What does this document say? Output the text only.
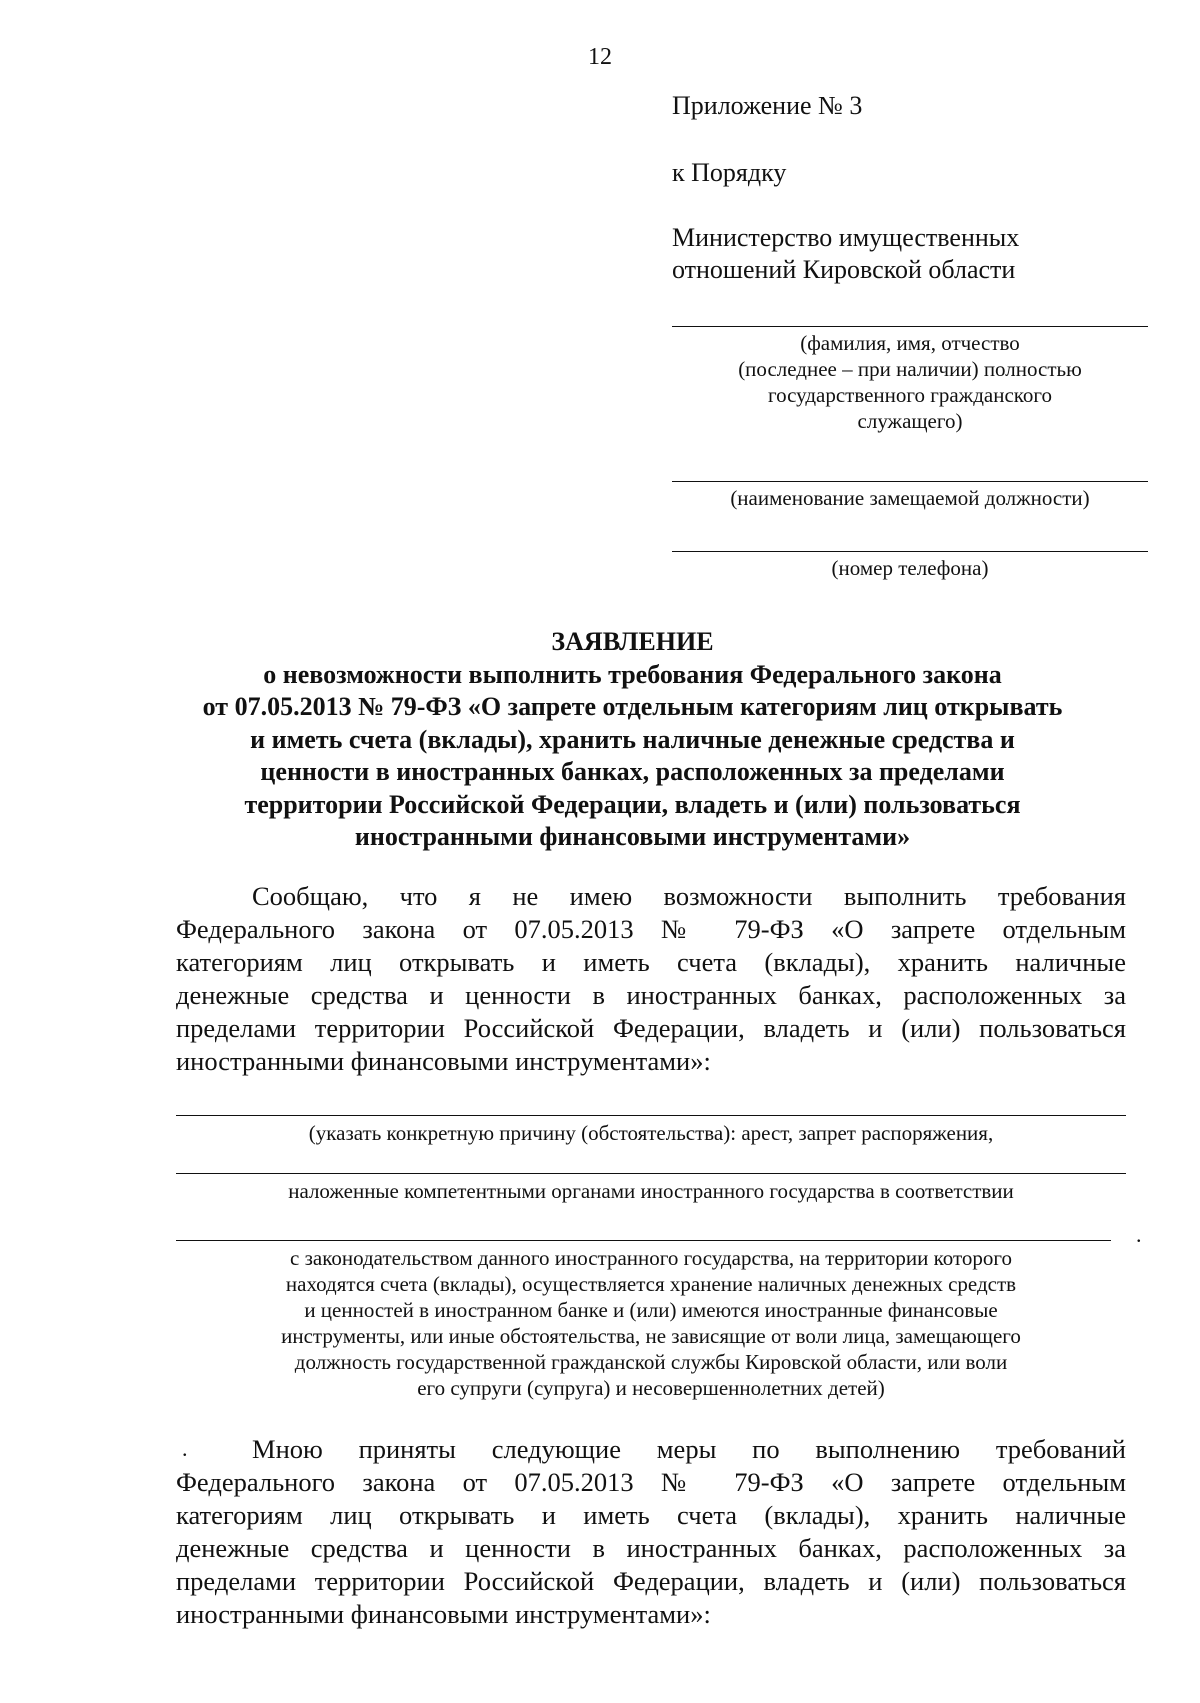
12
Приложение № 3
к Порядку
Министерство имущественных
отношений Кировской области
(фамилия, имя, отчество
(последнее – при наличии) полностью
государственного гражданского
служащего)
(наименование замещаемой должности)
(номер телефона)
ЗАЯВЛЕНИЕ
о невозможности выполнить требования Федерального закона
от 07.05.2013 № 79-ФЗ «О запрете отдельным категориям лиц открывать
и иметь счета (вклады), хранить наличные денежные средства и
ценности в иностранных банках, расположенных за пределами
территории Российской Федерации, владеть и (или) пользоваться
иностранными финансовыми инструментами»
Сообщаю, что я не имею возможности выполнить требования
Федерального закона от 07.05.2013 № 79-ФЗ «О запрете отдельным
категориям лиц открывать и иметь счета (вклады), хранить наличные
денежные средства и ценности в иностранных банках, расположенных за
пределами территории Российской Федерации, владеть и (или) пользоваться
иностранными финансовыми инструментами»:
(указать конкретную причину (обстоятельства): арест, запрет распоряжения,
наложенные компетентными органами иностранного государства в соответствии
.
с законодательством данного иностранного государства, на территории которого
находятся счета (вклады), осуществляется хранение наличных денежных средств
и ценностей в иностранном банке и (или) имеются иностранные финансовые
инструменты, или иные обстоятельства, не зависящие от воли лица, замещающего
должность государственной гражданской службы Кировской области, или воли
его супруги (супруга) и несовершеннолетних детей)
.	Мною приняты следующие меры по выполнению требований
Федерального закона от 07.05.2013 № 79-ФЗ «О запрете отдельным
категориям лиц открывать и иметь счета (вклады), хранить наличные
денежные средства и ценности в иностранных банках, расположенных за
пределами территории Российской Федерации, владеть и (или) пользоваться
иностранными финансовыми инструментами»:
